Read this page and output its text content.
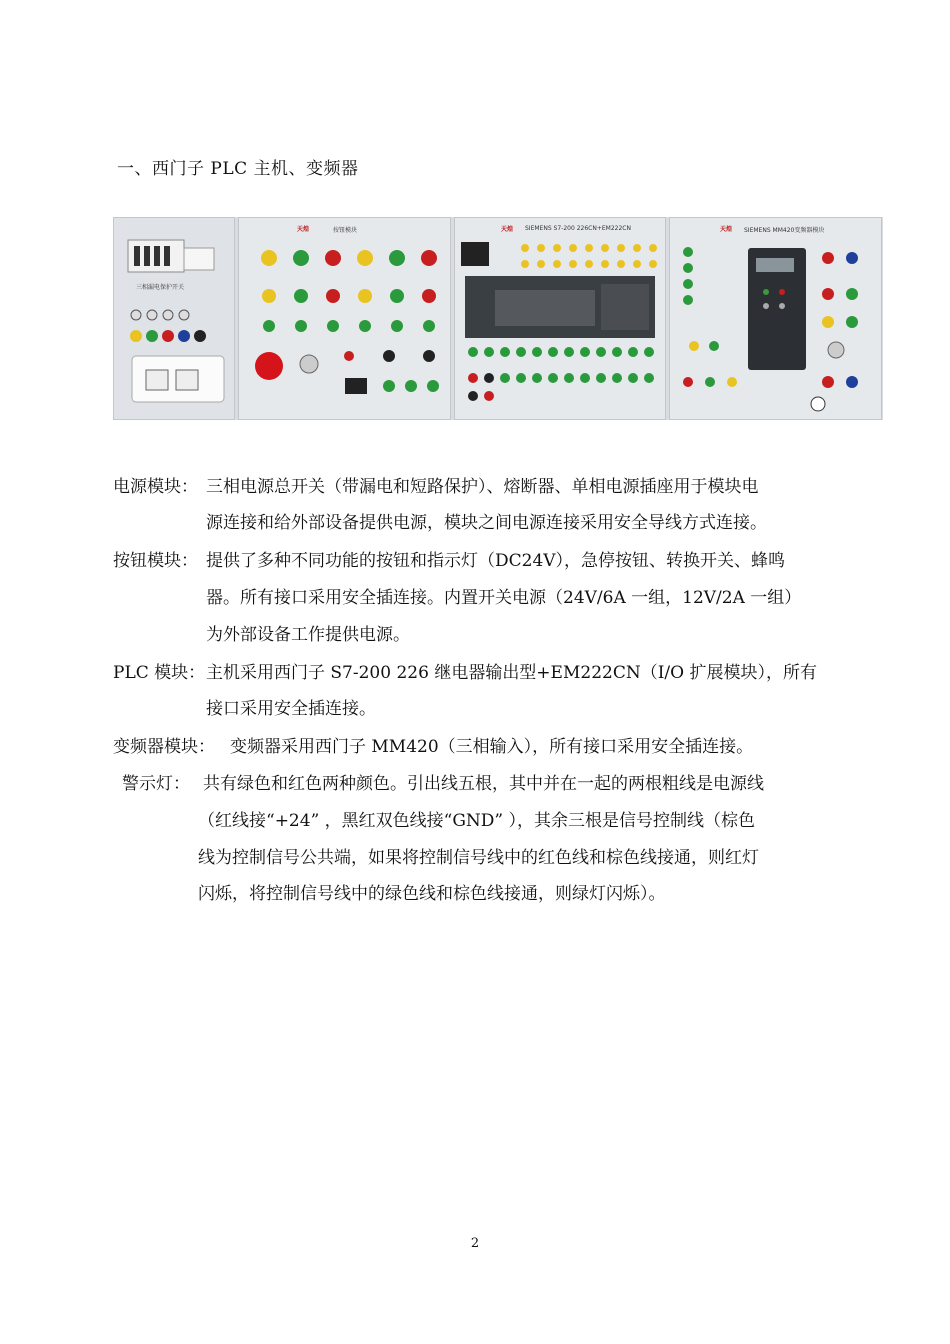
一、西门子 PLC 主机、变频器
三相漏电保护开关
天煌	按钮模块	天煌 SIEMENS S7-200 226CN+EM222CN	天煌 SIEMENS MM420变频器模块
电源模块： 三相电源总开关（带漏电和短路保护）、熔断器、单相电源插座用于模块电
源连接和给外部设备提供电源，模块之间电源连接采用安全导线方式连接。
按钮模块： 提供了多种不同功能的按钮和指示灯（DC24V），急停按钮、转换开关、蜂鸣
器。所有接口采用安全插连接。内置开关电源（24V/6A 一组，12V/2A 一组）
为外部设备工作提供电源。
PLC 模块： 主机采用西门子 S7-200 226 继电器输出型+EM222CN（I/O 扩展模块），所有
接口采用安全插连接。
变频器模块： 变频器采用西门子 MM420（三相输入），所有接口采用安全插连接。
警示灯： 共有绿色和红色两种颜色。引出线五根，其中并在一起的两根粗线是电源线
（红线接“+24” ，黑红双色线接“GND” ），其余三根是信号控制线（棕色
线为控制信号公共端，如果将控制信号线中的红色线和棕色线接通，则红灯
闪烁，将控制信号线中的绿色线和棕色线接通，则绿灯闪烁）。
2
